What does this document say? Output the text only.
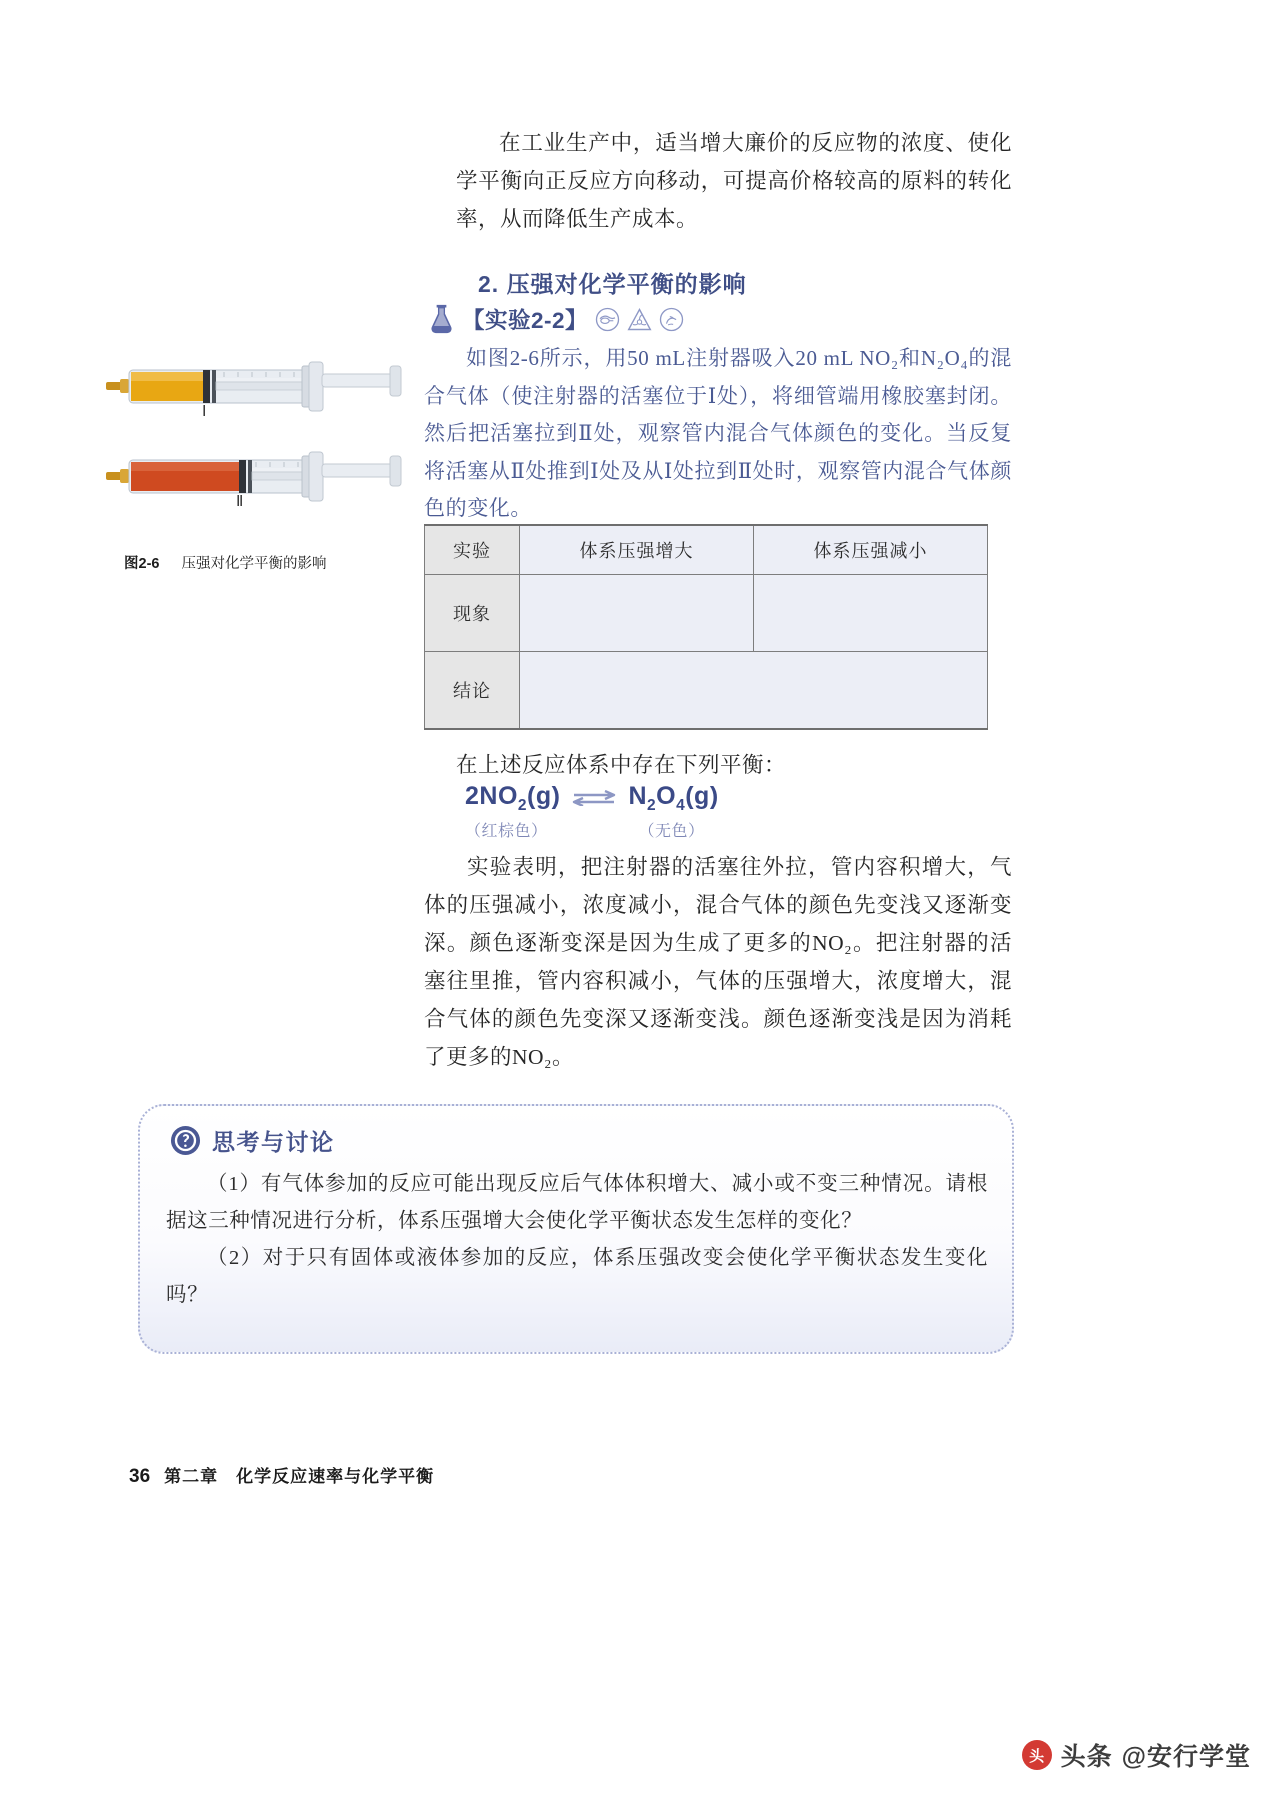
在工业生产中，适当增大廉价的反应物的浓度、使化学平衡向正反应方向移动，可提高价格较高的原料的转化率，从而降低生产成本。
2. 压强对化学平衡的影响
【实验2-2】

如图2-6所示，用50 mL注射器吸入20 mL NO₂和N₂O₄的混合气体（使注射器的活塞位于Ⅰ处），将细管端用橡胶塞封闭。然后把活塞拉到Ⅱ处，观察管内混合气体颜色的变化。当反复将活塞从Ⅱ处推到Ⅰ处及从Ⅰ处拉到Ⅱ处时，观察管内混合气体颜色的变化。

Ⅰ
Ⅱ
图2-6 压强对化学平衡的影响
实验	体系压强增大	体系压强减小
现象		
结论		
在上述反应体系中存在下列平衡：
$2NO_2(g)$ ⇌ $N_2O_4(g)$
（红棕色）	（无色）
实验表明，把注射器的活塞往外拉，管内容积增大，气体的压强减小，浓度减小，混合气体的颜色先变浅又逐渐变深。颜色逐渐变深是因为生成了更多的NO₂。把注射器的活塞往里推，管内容积减小，气体的压强增大，浓度增大，混合气体的颜色先变深又逐渐变浅。颜色逐渐变浅是因为消耗了更多的NO₂。
思考与讨论

（1）有气体参加的反应可能出现反应后气体体积增大、减小或不变三种情况。请根据这三种情况进行分析，体系压强增大会使化学平衡状态发生怎样的变化？

（2）对于只有固体或液体参加的反应，体系压强改变会使化学平衡状态发生变化吗？

36 第二章　化学反应速率与化学平衡
头 头条 @安行学堂
